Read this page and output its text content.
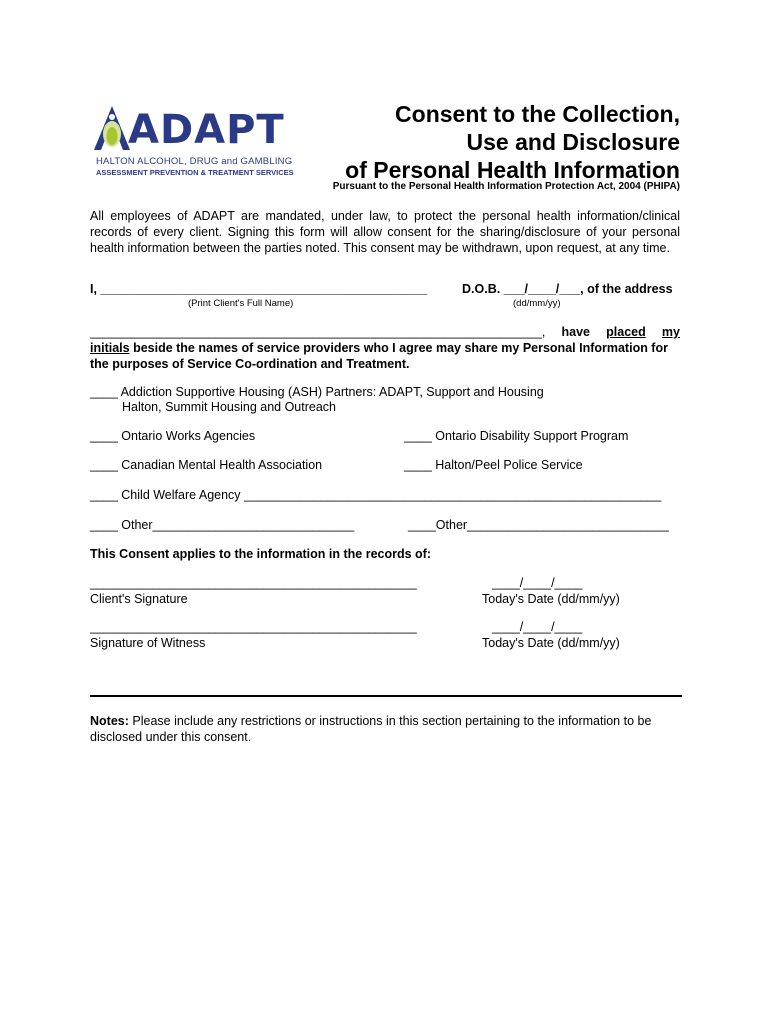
ADAPT
HALTON ALCOHOL, DRUG and GAMBLING
ASSESSMENT PREVENTION & TREATMENT SERVICES
Consent to the Collection,
Use and Disclosure
of Personal Health Information
Pursuant to the Personal Health Information Protection Act, 2004 (PHIPA)
All employees of ADAPT are mandated, under law, to protect the personal health information/clinical records of every client. Signing this form will allow consent for the sharing/disclosure of your personal health information between the parties noted. This consent may be withdrawn, upon request, at any time.
I, _______________________________________________
(Print Client's Full Name)
D.O.B. ___/____/___, of the address
(dd/mm/yy)
_________________________________________________________________, have placed my
initials beside the names of service providers who I agree may share my Personal Information for the purposes of Service Co-ordination and Treatment.
____ Addiction Supportive Housing (ASH) Partners: ADAPT, Support and Housing
Halton, Summit Housing and Outreach
____ Ontario Works Agencies	____ Ontario Disability Support Program
____ Canadian Mental Health Association	____ Halton/Peel Police Service
____ Child Welfare Agency ____________________________________________________________
____ Other_____________________________	____Other_____________________________
This Consent applies to the information in the records of:
_______________________________________________
Client's Signature
____/____/____
Today's Date (dd/mm/yy)
_______________________________________________
Signature of Witness
____/____/____
Today's Date (dd/mm/yy)
Notes: Please include any restrictions or instructions in this section pertaining to the information to be disclosed under this consent.
